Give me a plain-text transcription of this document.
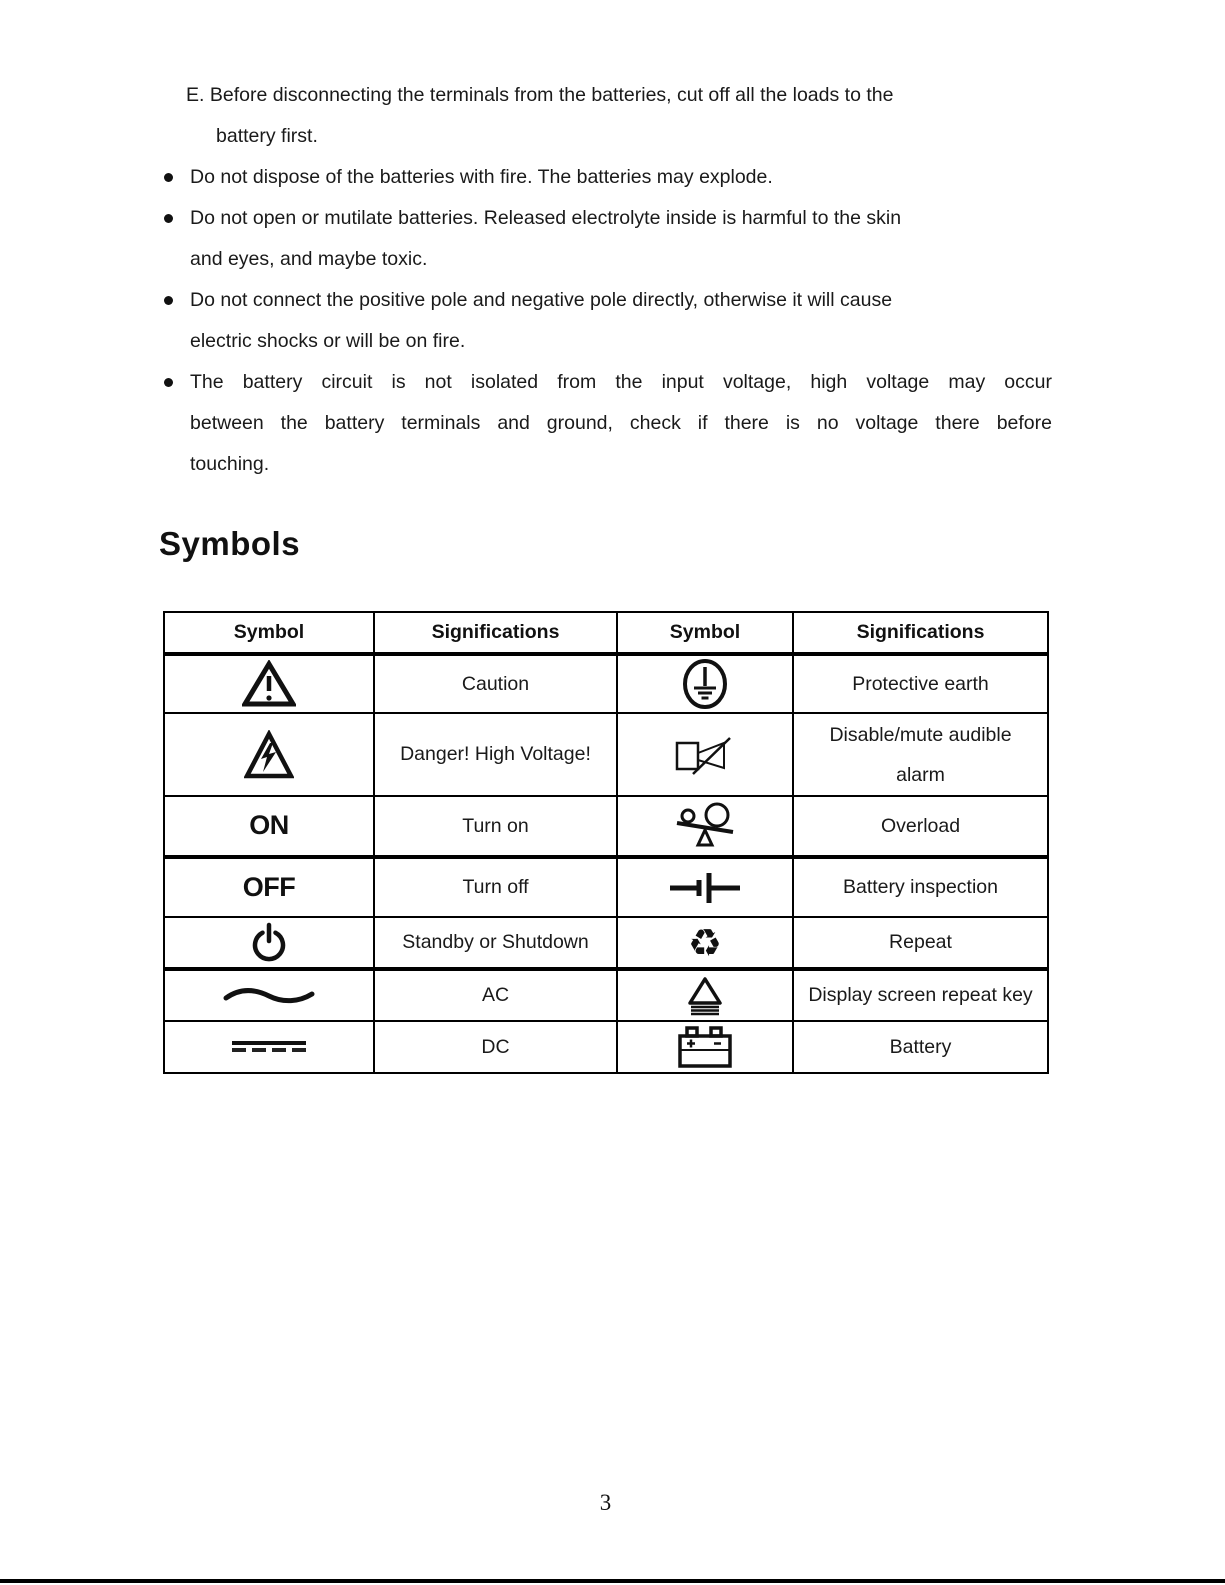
E. Before disconnecting the terminals from the batteries, cut off all the loads to the
battery first.
Do not dispose of the batteries with fire. The batteries may explode.
Do not open or mutilate batteries. Released electrolyte inside is harmful to the skin
and eyes, and maybe toxic.
Do not connect the positive pole and negative pole directly, otherwise it will cause
electric shocks or will be on fire.
The battery circuit is not isolated from the input voltage, high voltage may occur
between the battery terminals and ground, check if there is no voltage there before
touching.
Symbols
Symbol	Significations	Symbol	Significations

	Caution		Protective earth

	Danger! High Voltage!		Disable/mute audible
alarm

ON	Turn on		Overload
OFF	Turn off		Battery inspection

	Standby or Shutdown	♻	Repeat

	AC		Display screen repeat key

	DC		Battery
3
